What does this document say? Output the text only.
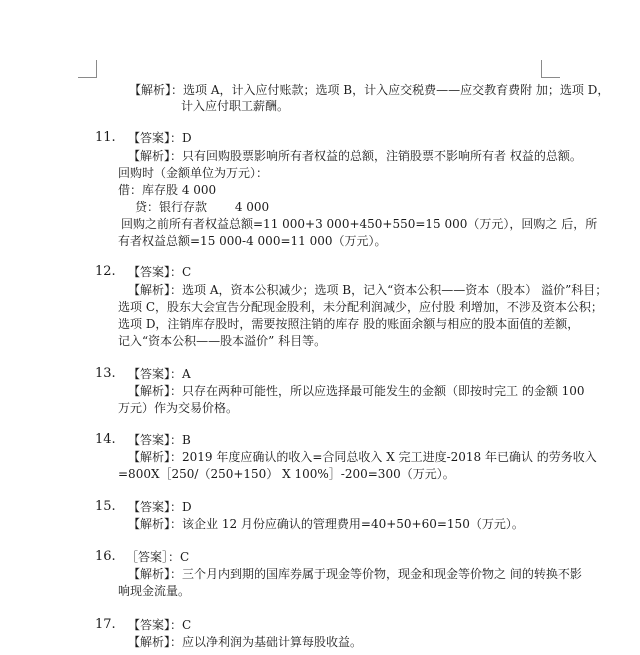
【解析】：选项 A，计入应付账款；选项 B，计入应交税费——应交教育费附 加；选项 D，
计入应付职工薪酬。
11. 【答案】：D
【解析】：只有回购股票影响所有者权益的总额，注销股票不影响所有者 权益的总额。
回购时（金额单位为万元）：
借：库存股 4 000
贷：银行存款　　 4 000
回购之前所有者权益总额=11 000+3 000+450+550=15 000（万元），回购之 后，所
有者权益总额=15 000-4 000=11 000（万元）。
12. 【答案】：C
【解析】：选项 A，资本公积减少；选项 B，记入“资本公积——资本（股本） 溢价”科目；
选项 C，股东大会宣告分配现金股利，未分配利润减少，应付股 利增加，不涉及资本公积；
选项 D，注销库存股时，需要按照注销的库存 股的账面余额与相应的股本面值的差额，
记入“资本公积——股本溢价” 科目等。
13. 【答案】：A
【解析】：只存在两种可能性，所以应选择最可能发生的金额（即按时完工 的金额 100
万元）作为交易价格。
14. 【答案】：B
【解析】：2019 年度应确认的收入=合同总收入 X 完工进度-2018 年已确认 的劳务收入
=800X［250/（250+150） X 100%］-200=300（万元）。
15. 【答案】：D
【解析】：该企业 12 月份应确认的管理费用=40+50+60=150（万元）。
16. ［答案］：C
【解析】：三个月内到期的国库券属于现金等价物，现金和现金等价物之 间的转换不影
响现金流量。
17. 【答案】：C
【解析】：应以净利润为基础计算每股收益。
